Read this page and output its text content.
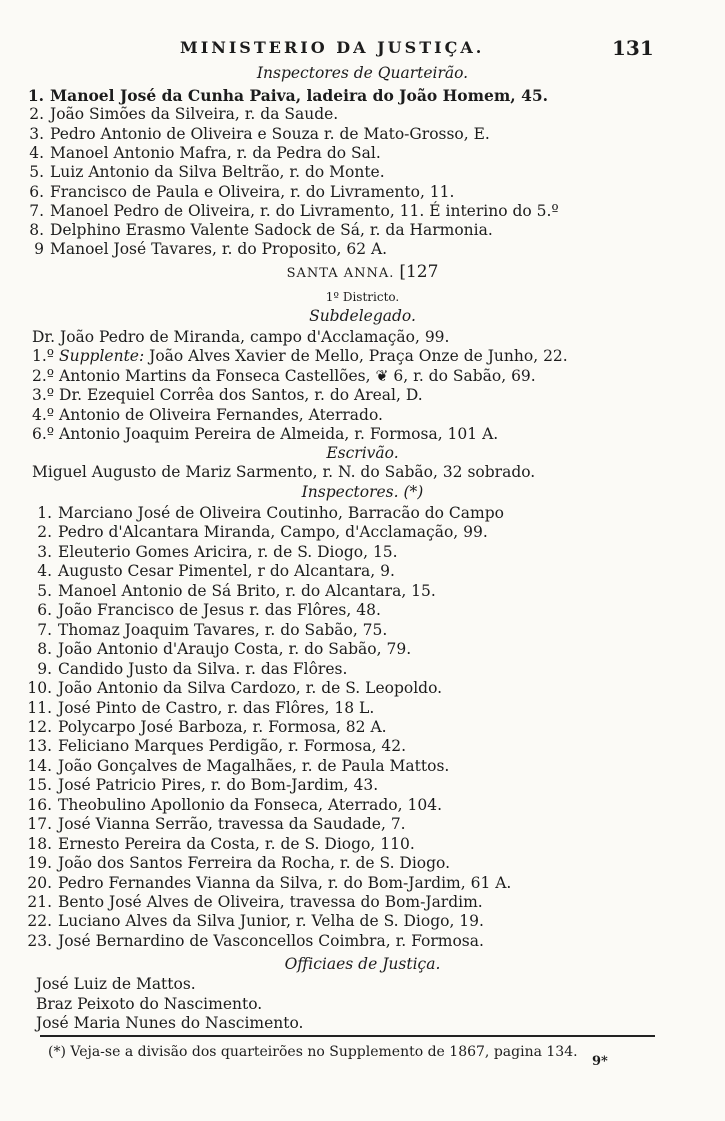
MINISTERIO DA JUSTIÇA.	131
Inspectores de Quarteirão.
1. Manoel José da Cunha Paiva, ladeira do João Homem, 45.
2. João Simões da Silveira, r. da Saude.
3. Pedro Antonio de Oliveira e Souza r. de Mato-Grosso, E.
4. Manoel Antonio Mafra, r. da Pedra do Sal.
5. Luiz Antonio da Silva Beltrão, r. do Monte.
6. Francisco de Paula e Oliveira, r. do Livramento, 11.
7. Manoel Pedro de Oliveira, r. do Livramento, 11. É interino do 5.º
8. Delphino Erasmo Valente Sadock de Sá, r. da Harmonia.
9 Manoel José Tavares, r. do Proposito, 62 A.
SANTA ANNA. [127
1º Districto.
Subdelegado.
Dr. João Pedro de Miranda, campo d'Acclamação, 99.
1.º Supplente: João Alves Xavier de Mello, Praça Onze de Junho, 22.
2.º Antonio Martins da Fonseca Castellões, ❦ 6, r. do Sabão, 69.
3.º Dr. Ezequiel Corrêa dos Santos, r. do Areal, D.
4.º Antonio de Oliveira Fernandes, Aterrado.
6.º Antonio Joaquim Pereira de Almeida, r. Formosa, 101 A.
Escrivão.
Miguel Augusto de Mariz Sarmento, r. N. do Sabão, 32 sobrado.
Inspectores. (*)
1. Marciano José de Oliveira Coutinho, Barracão do Campo
2. Pedro d'Alcantara Miranda, Campo, d'Acclamação, 99.
3. Eleuterio Gomes Aricira, r. de S. Diogo, 15.
4. Augusto Cesar Pimentel, r do Alcantara, 9.
5. Manoel Antonio de Sá Brito, r. do Alcantara, 15.
6. João Francisco de Jesus r. das Flôres, 48.
7. Thomaz Joaquim Tavares, r. do Sabão, 75.
8. João Antonio d'Araujo Costa, r. do Sabão, 79.
9. Candido Justo da Silva. r. das Flôres.
10. João Antonio da Silva Cardozo, r. de S. Leopoldo.
11. José Pinto de Castro, r. das Flôres, 18 L.
12. Polycarpo José Barboza, r. Formosa, 82 A.
13. Feliciano Marques Perdigão, r. Formosa, 42.
14. João Gonçalves de Magalhães, r. de Paula Mattos.
15. José Patricio Pires, r. do Bom-Jardim, 43.
16. Theobulino Apollonio da Fonseca, Aterrado, 104.
17. José Vianna Serrão, travessa da Saudade, 7.
18. Ernesto Pereira da Costa, r. de S. Diogo, 110.
19. João dos Santos Ferreira da Rocha, r. de S. Diogo.
20. Pedro Fernandes Vianna da Silva, r. do Bom-Jardim, 61 A.
21. Bento José Alves de Oliveira, travessa do Bom-Jardim.
22. Luciano Alves da Silva Junior, r. Velha de S. Diogo, 19.
23. José Bernardino de Vasconcellos Coimbra, r. Formosa.
Officiaes de Justiça.
José Luiz de Mattos.
Braz Peixoto do Nascimento.
José Maria Nunes do Nascimento.
(*) Veja-se a divisão dos quarteirões no Supplemento de 1867, pagina 134.
9*
